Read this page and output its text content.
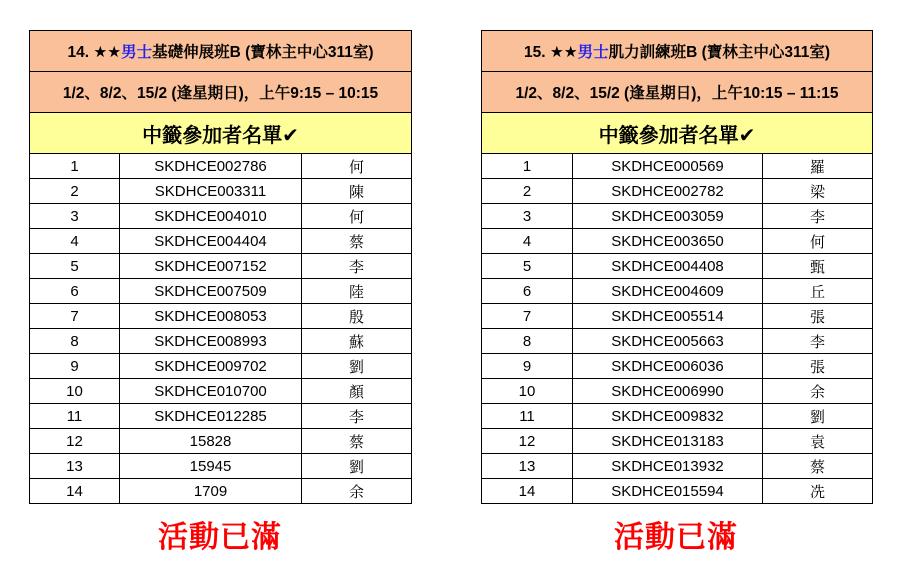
14. ★★男士基礎伸展班B (寶林主中心311室)		
1/2、8/2、15/2 (逢星期日)，上午9:15 – 10:15		
中籤參加者名單✔		
1	SKDHCE002786	何
2	SKDHCE003311	陳
3	SKDHCE004010	何
4	SKDHCE004404	蔡
5	SKDHCE007152	李
6	SKDHCE007509	陸
7	SKDHCE008053	殷
8	SKDHCE008993	蘇
9	SKDHCE009702	劉
10	SKDHCE010700	顏
11	SKDHCE012285	李
12	15828	蔡
13	15945	劉
14	1709	余
活動已滿
15. ★★男士肌力訓練班B (寶林主中心311室)		
1/2、8/2、15/2 (逢星期日)，上午10:15 – 11:15		
中籤參加者名單✔		
1	SKDHCE000569	羅
2	SKDHCE002782	梁
3	SKDHCE003059	李
4	SKDHCE003650	何
5	SKDHCE004408	甄
6	SKDHCE004609	丘
7	SKDHCE005514	張
8	SKDHCE005663	李
9	SKDHCE006036	張
10	SKDHCE006990	余
11	SKDHCE009832	劉
12	SKDHCE013183	袁
13	SKDHCE013932	蔡
14	SKDHCE015594	冼
活動已滿
